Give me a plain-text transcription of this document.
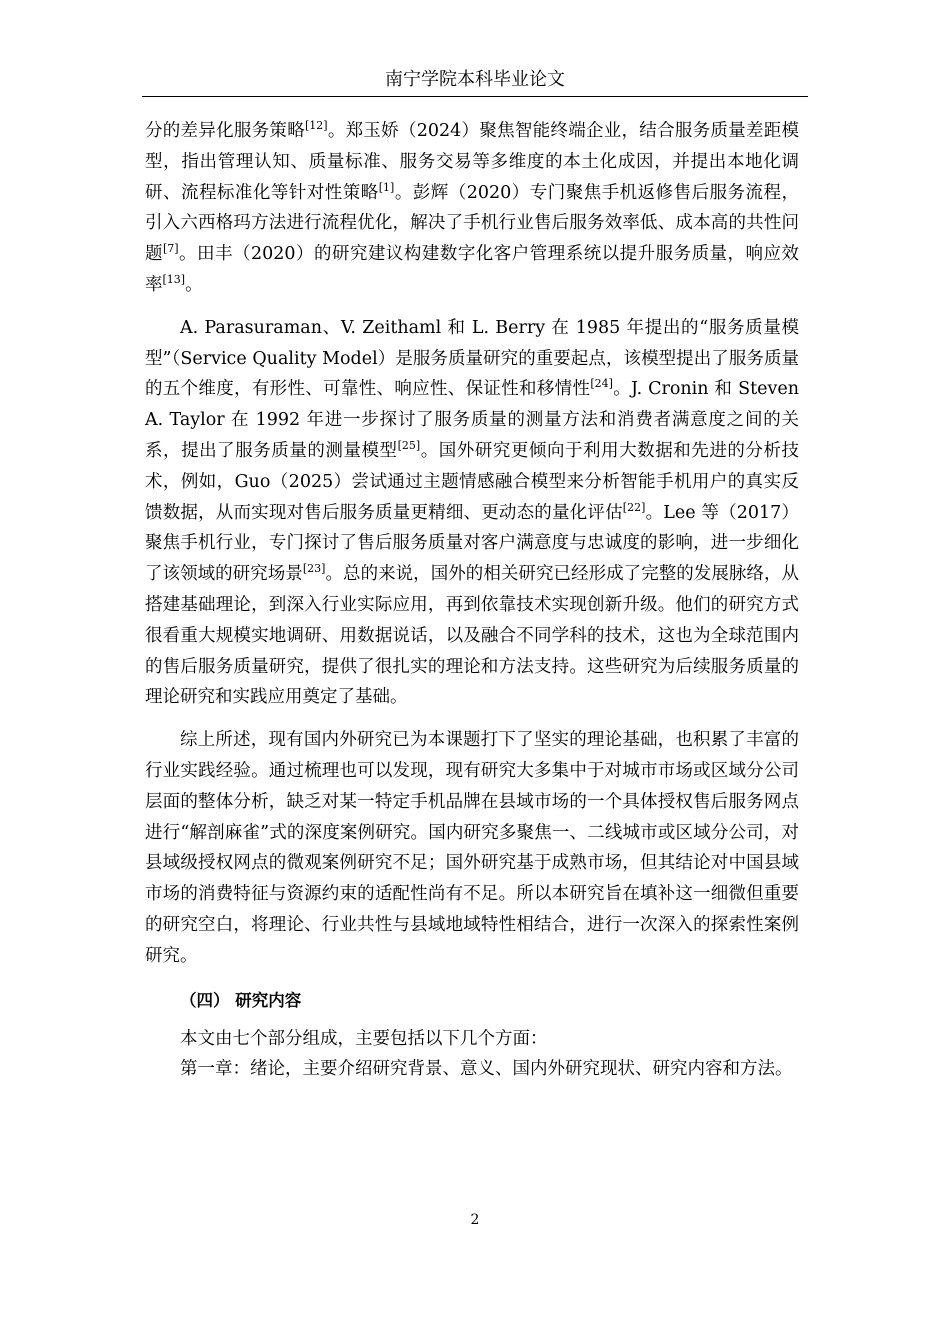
南宁学院本科毕业论文

分的差异化服务策略[12]。郑玉娇（2024）聚焦智能终端企业，结合服务质量差距模型，指出管理认知、质量标准、服务交易等多维度的本土化成因，并提出本地化调研、流程标准化等针对性策略[1]。彭辉（2020）专门聚焦手机返修售后服务流程，引入六西格玛方法进行流程优化，解决了手机行业售后服务效率低、成本高的共性问题[7]。田丰（2020）的研究建议构建数字化客户管理系统以提升服务质量，响应效率[13]。

A. Parasuraman、V. Zeithaml 和 L. Berry 在 1985 年提出的“服务质量模型”（Service Quality Model）是服务质量研究的重要起点，该模型提出了服务质量的五个维度，有形性、可靠性、响应性、保证性和移情性[24]。J. Cronin 和 Steven A. Taylor 在 1992 年进一步探讨了服务质量的测量方法和消费者满意度之间的关系，提出了服务质量的测量模型[25]。国外研究更倾向于利用大数据和先进的分析技术，例如，Guo（2025）尝试通过主题情感融合模型来分析智能手机用户的真实反馈数据，从而实现对售后服务质量更精细、更动态的量化评估[22]。Lee 等（2017）聚焦手机行业，专门探讨了售后服务质量对客户满意度与忠诚度的影响，进一步细化了该领域的研究场景[23]。总的来说，国外的相关研究已经形成了完整的发展脉络，从搭建基础理论，到深入行业实际应用，再到依靠技术实现创新升级。他们的研究方式很看重大规模实地调研、用数据说话，以及融合不同学科的技术，这也为全球范围内的售后服务质量研究，提供了很扎实的理论和方法支持。这些研究为后续服务质量的理论研究和实践应用奠定了基础。

综上所述，现有国内外研究已为本课题打下了坚实的理论基础，也积累了丰富的行业实践经验。通过梳理也可以发现，现有研究大多集中于对城市市场或区域分公司层面的整体分析，缺乏对某一特定手机品牌在县域市场的一个具体授权售后服务网点进行“解剖麻雀”式的深度案例研究。国内研究多聚焦一、二线城市或区域分公司，对县域级授权网点的微观案例研究不足；国外研究基于成熟市场，但其结论对中国县域市场的消费特征与资源约束的适配性尚有不足。所以本研究旨在填补这一细微但重要的研究空白，将理论、行业共性与县域地域特性相结合，进行一次深入的探索性案例研究。

（四） 研究内容

本文由七个部分组成，主要包括以下几个方面：

第一章：绪论，主要介绍研究背景、意义、国内外研究现状、研究内容和方法。

2
